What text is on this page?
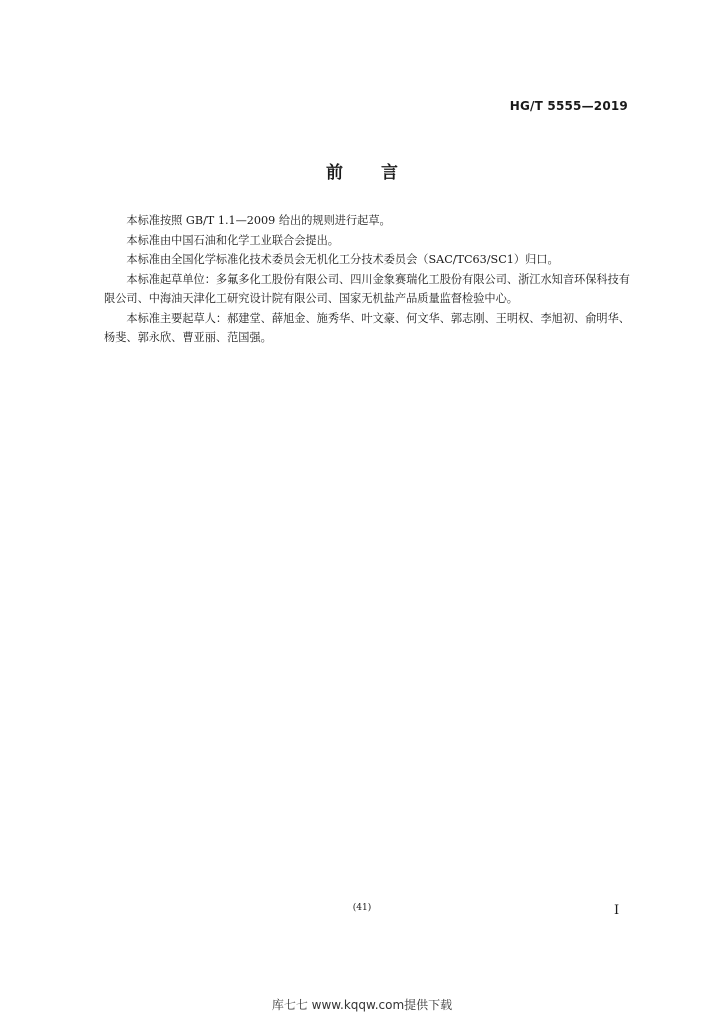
HG/T 5555—2019
前言

本标准按照 GB/T 1.1—2009 给出的规则进行起草。

本标准由中国石油和化学工业联合会提出。

本标准由全国化学标准化技术委员会无机化工分技术委员会（SAC/TC63/SC1）归口。

本标准起草单位：多氟多化工股份有限公司、四川金象赛瑞化工股份有限公司、浙江水知音环保科技有限公司、中海油天津化工研究设计院有限公司、国家无机盐产品质量监督检验中心。

本标准主要起草人：郝建堂、薛旭金、施秀华、叶文豪、何文华、郭志刚、王明权、李旭初、俞明华、杨斐、郭永欣、曹亚丽、范国强。

(41)	I
库七七 www.kqqw.com提供下载
